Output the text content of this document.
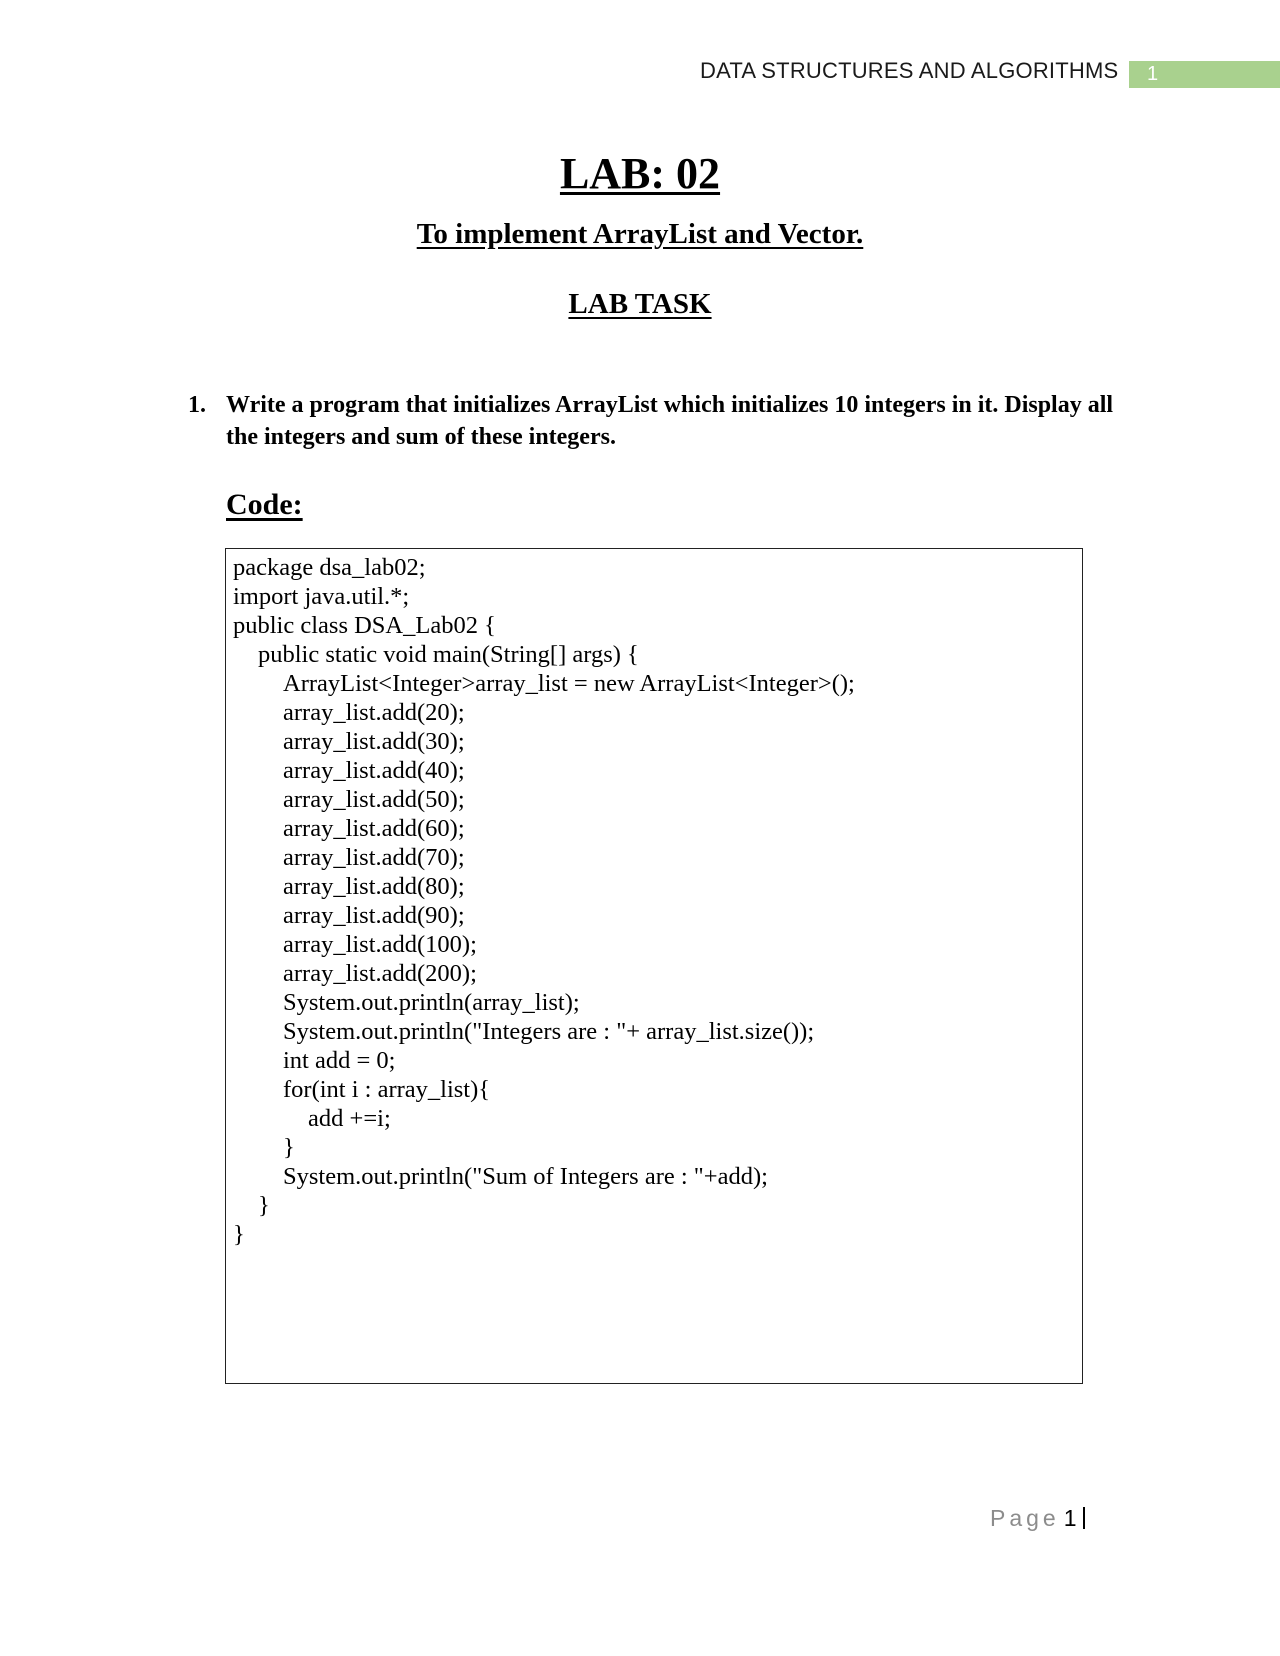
DATA STRUCTURES AND ALGORITHMS	1
LAB: 02
To implement ArrayList and Vector.
LAB TASK
1. Write a program that initializes ArrayList which initializes 10 integers in it. Display all the integers and sum of these integers.
Code:
package dsa_lab02;
import java.util.*;
public class DSA_Lab02 {
public static void main(String[] args) {
ArrayList<Integer>array_list = new ArrayList<Integer>();
array_list.add(20);
array_list.add(30);
array_list.add(40);
array_list.add(50);
array_list.add(60);
array_list.add(70);
array_list.add(80);
array_list.add(90);
array_list.add(100);
array_list.add(200);
System.out.println(array_list);
System.out.println("Integers are : "+ array_list.size());
int add = 0;
for(int i : array_list){
add +=i;
}
System.out.println("Sum of Integers are : "+add);
}
}
Page 1
